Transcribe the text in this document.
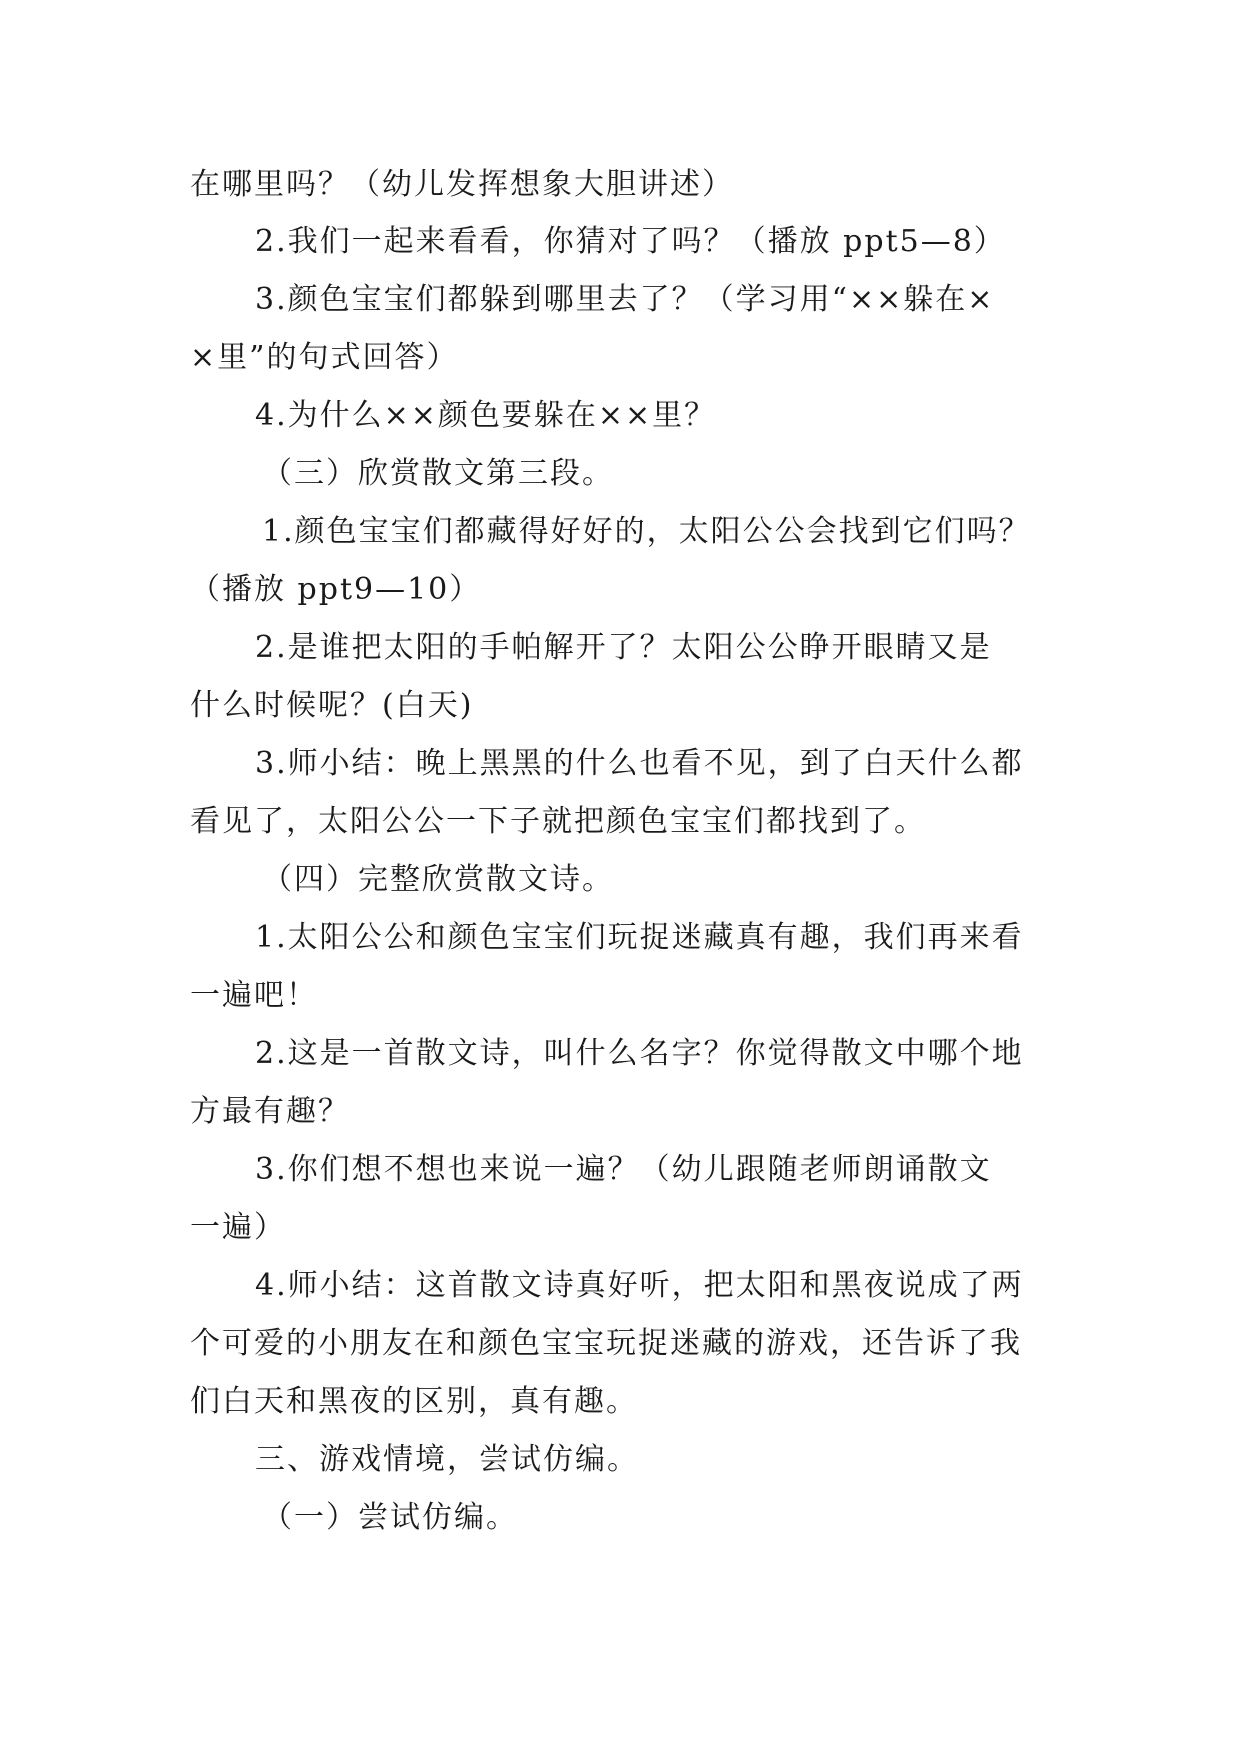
在哪里吗？（幼儿发挥想象大胆讲述）
2.我们一起来看看，你猜对了吗？（播放 ppt5—8）
3.颜色宝宝们都躲到哪里去了？（学习用“××躲在×
×里”的句式回答）
4.为什么××颜色要躲在××里？
（三）欣赏散文第三段。
1.颜色宝宝们都藏得好好的，太阳公公会找到它们吗？
（播放 ppt9—10）
2.是谁把太阳的手帕解开了？太阳公公睁开眼睛又是
什么时候呢？(白天)
3.师小结：晚上黑黑的什么也看不见，到了白天什么都
看见了，太阳公公一下子就把颜色宝宝们都找到了。
（四）完整欣赏散文诗。
1.太阳公公和颜色宝宝们玩捉迷藏真有趣，我们再来看
一遍吧！
2.这是一首散文诗，叫什么名字？你觉得散文中哪个地
方最有趣？
3.你们想不想也来说一遍？（幼儿跟随老师朗诵散文
一遍）
4.师小结：这首散文诗真好听，把太阳和黑夜说成了两
个可爱的小朋友在和颜色宝宝玩捉迷藏的游戏，还告诉了我
们白天和黑夜的区别，真有趣。
三、游戏情境，尝试仿编。
（一）尝试仿编。
